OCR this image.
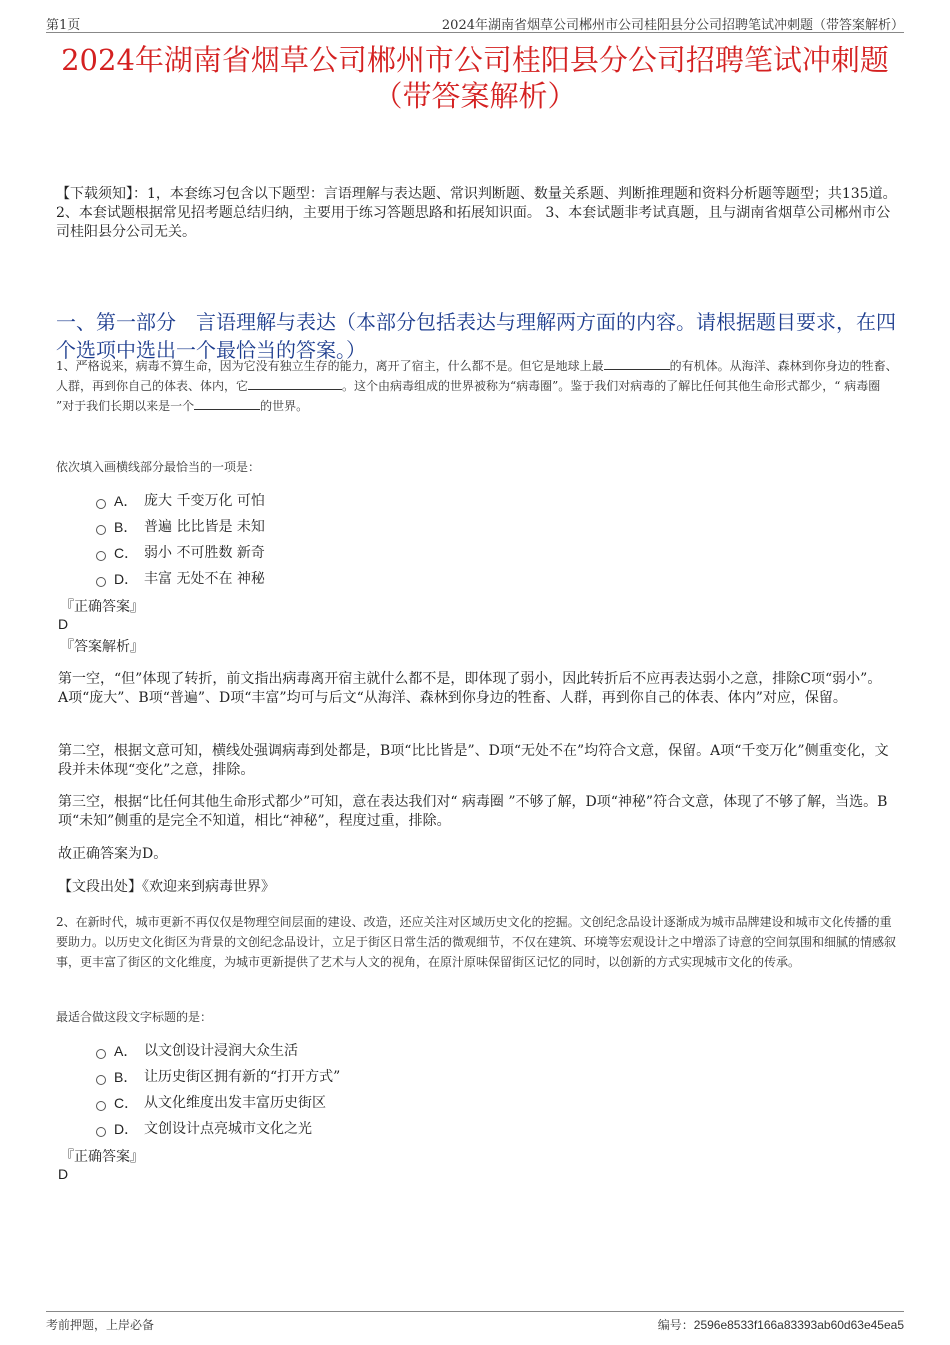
第1页	2024年湖南省烟草公司郴州市公司桂阳县分公司招聘笔试冲刺题（带答案解析）
2024年湖南省烟草公司郴州市公司桂阳县分公司招聘笔试冲刺题（带答案解析）
【下载须知】：1，本套练习包含以下题型：言语理解与表达题、常识判断题、数量关系题、判断推理题和资料分析题等题型；共135道。 2、本套试题根据常见招考题总结归纳，主要用于练习答题思路和拓展知识面。 3、本套试题非考试真题，且与湖南省烟草公司郴州市公司桂阳县分公司无关。
一、第一部分　言语理解与表达（本部分包括表达与理解两方面的内容。请根据题目要求，在四个选项中选出一个最恰当的答案。）
1、严格说来，病毒不算生命，因为它没有独立生存的能力，离开了宿主，什么都不是。但它是地球上最	的有机体。从海洋、森林到你身边的牲畜、人群，再到你自己的体表、体内，它	。这个由病毒组成的世界被称为“病毒圈”。鉴于我们对病毒的了解比任何其他生命形式都少，“ 病毒圈 ”对于我们长期以来是一个	的世界。
依次填入画横线部分最恰当的一项是：
A． 庞大 千变万化 可怕
B． 普遍 比比皆是 未知
C． 弱小 不可胜数 新奇
D． 丰富 无处不在 神秘
『正确答案』
D
『答案解析』
第一空，“但”体现了转折，前文指出病毒离开宿主就什么都不是，即体现了弱小，因此转折后不应再表达弱小之意，排除C项“弱小”。A项“庞大”、B项“普遍”、D项“丰富”均可与后文“从海洋、森林到你身边的牲畜、人群，再到你自己的体表、体内”对应，保留。
第二空，根据文意可知，横线处强调病毒到处都是，B项“比比皆是”、D项“无处不在”均符合文意，保留。A项“千变万化”侧重变化，文段并未体现“变化”之意，排除。
第三空，根据“比任何其他生命形式都少”可知，意在表达我们对“ 病毒圈 ”不够了解，D项“神秘”符合文意，体现了不够了解，当选。B项“未知”侧重的是完全不知道，相比“神秘”，程度过重，排除。
故正确答案为D。
【文段出处】《欢迎来到病毒世界》
2、在新时代，城市更新不再仅仅是物理空间层面的建设、改造，还应关注对区域历史文化的挖掘。文创纪念品设计逐渐成为城市品牌建设和城市文化传播的重要助力。以历史文化街区为背景的文创纪念品设计，立足于街区日常生活的微观细节，不仅在建筑、环境等宏观设计之中增添了诗意的空间氛围和细腻的情感叙事，更丰富了街区的文化维度，为城市更新提供了艺术与人文的视角，在原汁原味保留街区记忆的同时，以创新的方式实现城市文化的传承。
最适合做这段文字标题的是：
A． 以文创设计浸润大众生活
B． 让历史街区拥有新的“打开方式”
C． 从文化维度出发丰富历史街区
D． 文创设计点亮城市文化之光
『正确答案』
D
考前押题，上岸必备	编号：2596e8533f166a83393ab60d63e45ea5
